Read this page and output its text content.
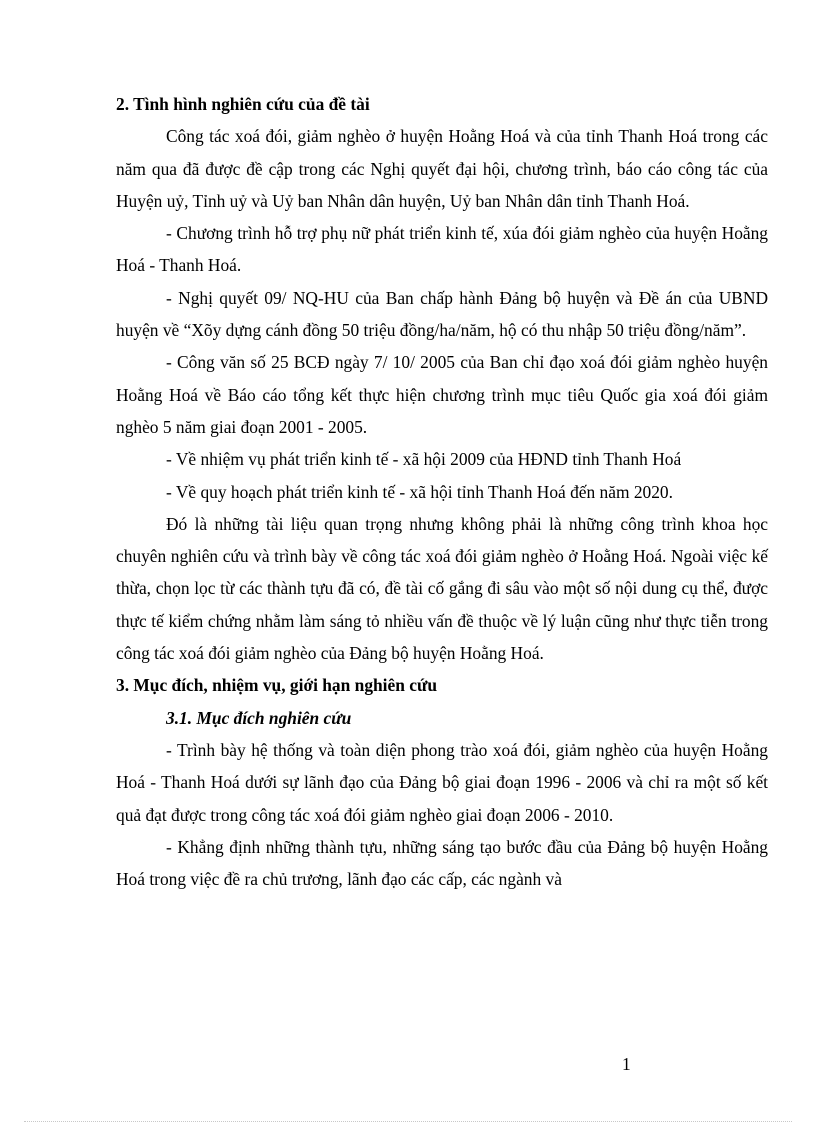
2. Tình hình nghiên cứu của đề tài

Công tác xoá đói, giảm nghèo ở huyện Hoằng Hoá và của tỉnh Thanh Hoá trong các năm qua đã được đề cập trong các Nghị quyết đại hội, chương trình, báo cáo công tác của Huyện uỷ, Tỉnh uỷ và Uỷ ban Nhân dân huyện, Uỷ ban Nhân dân tỉnh Thanh Hoá.

- Chương trình hỗ trợ phụ nữ phát triển kinh tế, xúa đói giảm nghèo của huyện Hoằng Hoá - Thanh Hoá.

- Nghị quyết 09/ NQ-HU của Ban chấp hành Đảng bộ huyện và Đề án của UBND huyện về “Xõy dựng cánh đồng 50 triệu đồng/ha/năm, hộ có thu nhập 50 triệu đồng/năm”.

- Công văn số 25 BCĐ ngày 7/ 10/ 2005 của Ban chỉ đạo xoá đói giảm nghèo huyện Hoằng Hoá về Báo cáo tổng kết thực hiện chương trình mục tiêu Quốc gia xoá đói giảm nghèo 5 năm giai đoạn 2001 - 2005.

- Về nhiệm vụ phát triển kinh tế - xã hội 2009 của HĐND tỉnh Thanh Hoá

- Về quy hoạch phát triển kinh tế - xã hội tỉnh Thanh Hoá đến năm 2020.

Đó là những tài liệu quan trọng nhưng không phải là những công trình khoa học chuyên nghiên cứu và trình bày về công tác xoá đói giảm nghèo ở Hoằng Hoá. Ngoài việc kế thừa, chọn lọc từ các thành tựu đã có, đề tài cố gắng đi sâu vào một số nội dung cụ thể, được thực tế kiểm chứng nhằm làm sáng tỏ nhiều vấn đề thuộc về lý luận cũng như thực tiễn trong công tác xoá đói giảm nghèo của Đảng bộ huyện Hoằng Hoá.

3. Mục đích, nhiệm vụ, giới hạn nghiên cứu

3.1. Mục đích nghiên cứu

- Trình bày hệ thống và toàn diện phong trào xoá đói, giảm nghèo của huyện Hoằng Hoá - Thanh Hoá dưới sự lãnh đạo của Đảng bộ giai đoạn 1996 - 2006 và chỉ ra một số kết quả đạt được trong công tác xoá đói giảm nghèo giai đoạn 2006 - 2010.

- Khẳng định những thành tựu, những sáng tạo bước đầu của Đảng bộ huyện Hoằng Hoá trong việc đề ra chủ trương, lãnh đạo các cấp, các ngành và

1
